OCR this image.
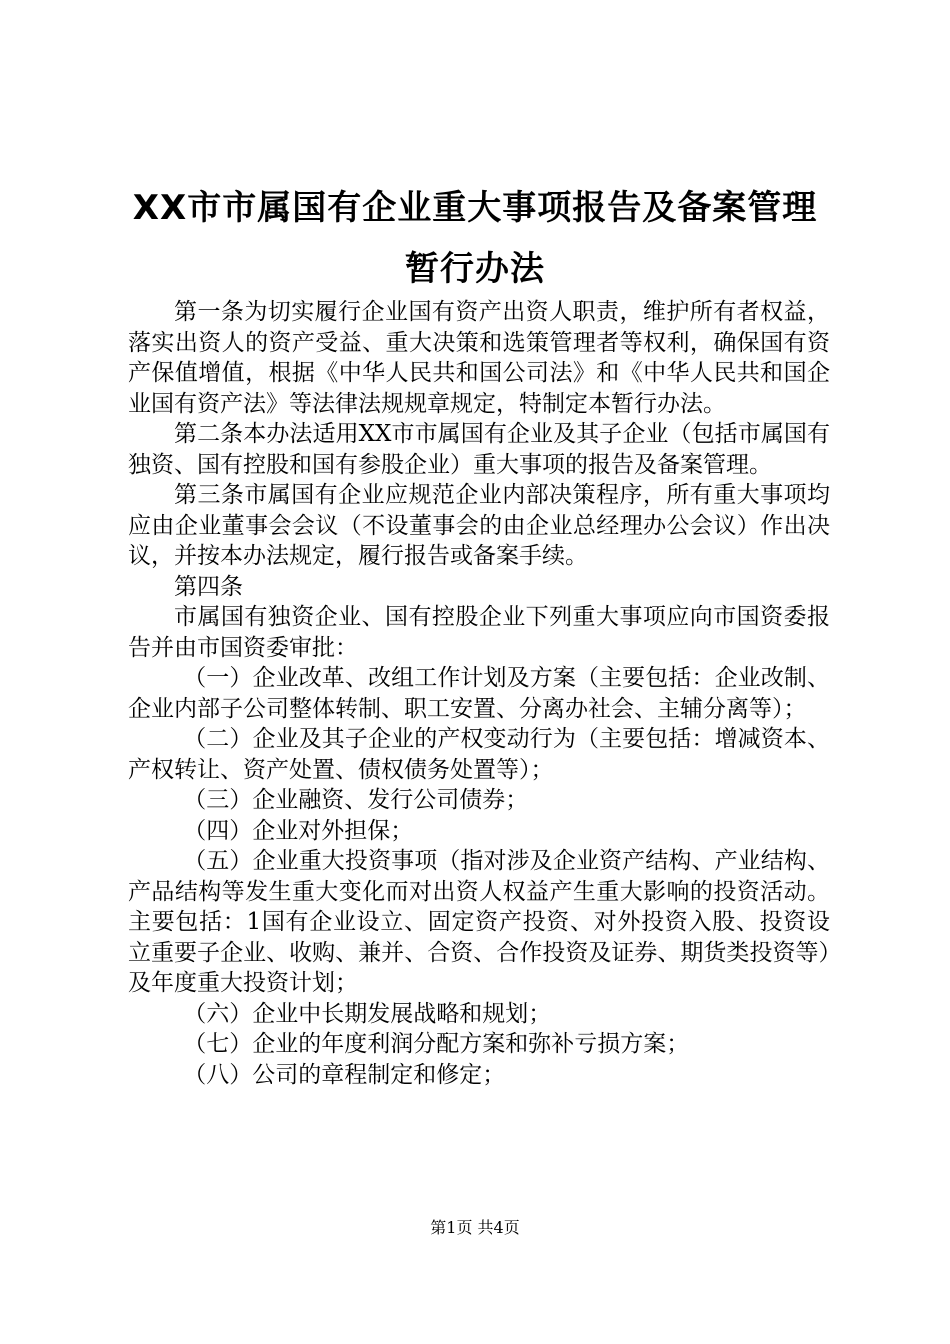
XX市市属国有企业重大事项报告及备案管理
暂行办法

第一条为切实履行企业国有资产出资人职责，维护所有者权益，落实出资人的资产受益、重大决策和选策管理者等权利，确保国有资产保值增值，根据《中华人民共和国公司法》和《中华人民共和国企业国有资产法》等法律法规规章规定，特制定本暂行办法。

第二条本办法适用XX市市属国有企业及其子企业（包括市属国有独资、国有控股和国有参股企业）重大事项的报告及备案管理。

第三条市属国有企业应规范企业内部决策程序，所有重大事项均应由企业董事会会议（不设董事会的由企业总经理办公会议）作出决议，并按本办法规定，履行报告或备案手续。

第四条

市属国有独资企业、国有控股企业下列重大事项应向市国资委报告并由市国资委审批：

（一）企业改革、改组工作计划及方案（主要包括：企业改制、企业内部子公司整体转制、职工安置、分离办社会、主辅分离等）；

（二）企业及其子企业的产权变动行为（主要包括：增减资本、产权转让、资产处置、债权债务处置等）；

（三）企业融资、发行公司债券；

（四）企业对外担保；

（五）企业重大投资事项（指对涉及企业资产结构、产业结构、产品结构等发生重大变化而对出资人权益产生重大影响的投资活动。主要包括：1国有企业设立、固定资产投资、对外投资入股、投资设立重要子企业、收购、兼并、合资、合作投资及证券、期货类投资等）及年度重大投资计划；

（六）企业中长期发展战略和规划；

（七）企业的年度利润分配方案和弥补亏损方案；

（八）公司的章程制定和修定；

第1页 共4页
